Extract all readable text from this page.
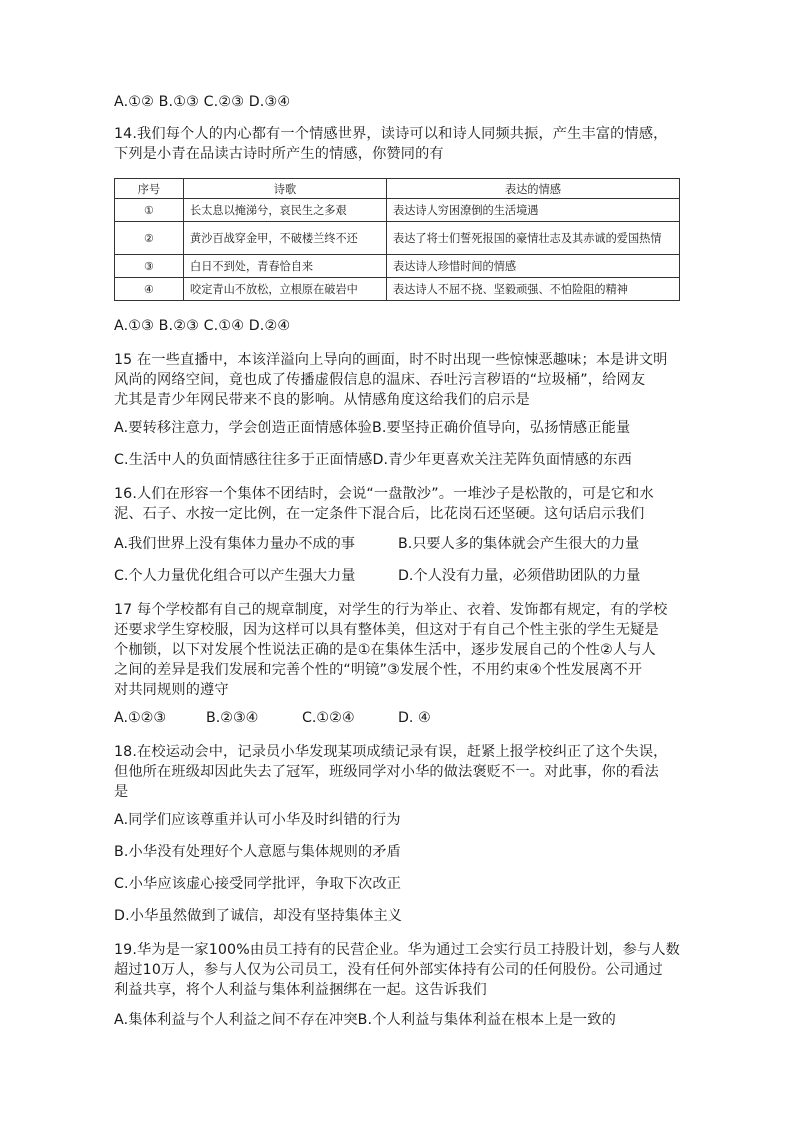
A.①② B.①③ C.②③ D.③④
14.我们每个人的内心都有一个情感世界，读诗可以和诗人同频共振，产生丰富的情感，
下列是小青在品读古诗时所产生的情感，你赞同的有
序号	诗歌	表达的情感
①	长太息以掩涕兮，哀民生之多艰	表达诗人穷困潦倒的生活境遇
②	黄沙百战穿金甲，不破楼兰终不还	表达了将士们誓死报国的豪情壮志及其赤诚的爱国热情
③	白日不到处，青春恰自来	表达诗人珍惜时间的情感
④	咬定青山不放松，立根原在破岩中	表达诗人不屈不挠、坚毅顽强、不怕险阻的精神
A.①③ B.②③ C.①④ D.②④
15 在一些直播中，本该洋溢向上导向的画面，时不时出现一些惊悚恶趣味；本是讲文明
风尚的网络空间，竟也成了传播虚假信息的温床、吞吐污言秽语的“垃圾桶”，给网友
尤其是青少年网民带来不良的影响。从情感角度这给我们的启示是
A.要转移注意力，学会创造正面情感体验B.要坚持正确价值导向，弘扬情感正能量
C.生活中人的负面情感往往多于正面情感D.青少年更喜欢关注芜阵负面情感的东西
16.人们在形容一个集体不团结时，会说“一盘散沙”。一堆沙子是松散的，可是它和水
泥、石子、水按一定比例，在一定条件下混合后，比花岗石还坚硬。这句话启示我们
A.我们世界上没有集体力量办不成的事	B.只要人多的集体就会产生很大的力量
C.个人力量优化组合可以产生强大力量	D.个人没有力量，必须借助团队的力量
17 每个学校都有自己的规章制度，对学生的行为举止、衣着、发饰都有规定，有的学校
还要求学生穿校服，因为这样可以具有整体美，但这对于有自己个性主张的学生无疑是
个枷锁，以下对发展个性说法正确的是①在集体生活中，逐步发展自己的个性②人与人
之间的差异是我们发展和完善个性的“明镜”③发展个性，不用约束④个性发展离不开
对共同规则的遵守
A.①②③	B.②③④	C.①②④	D. ④
18.在校运动会中，记录员小华发现某项成绩记录有误，赶紧上报学校纠正了这个失误，
但他所在班级却因此失去了冠军，班级同学对小华的做法褒贬不一。对此事，你的看法
是
A.同学们应该尊重并认可小华及时纠错的行为
B.小华没有处理好个人意愿与集体规则的矛盾
C.小华应该虚心接受同学批评，争取下次改正
D.小华虽然做到了诚信，却没有坚持集体主义
19.华为是一家100%由员工持有的民营企业。华为通过工会实行员工持股计划，参与人数
超过10万人，参与人仅为公司员工，没有任何外部实体持有公司的任何股份。公司通过
利益共享，将个人利益与集体利益捆绑在一起。这告诉我们
A.集体利益与个人利益之间不存在冲突B.个人利益与集体利益在根本上是一致的
